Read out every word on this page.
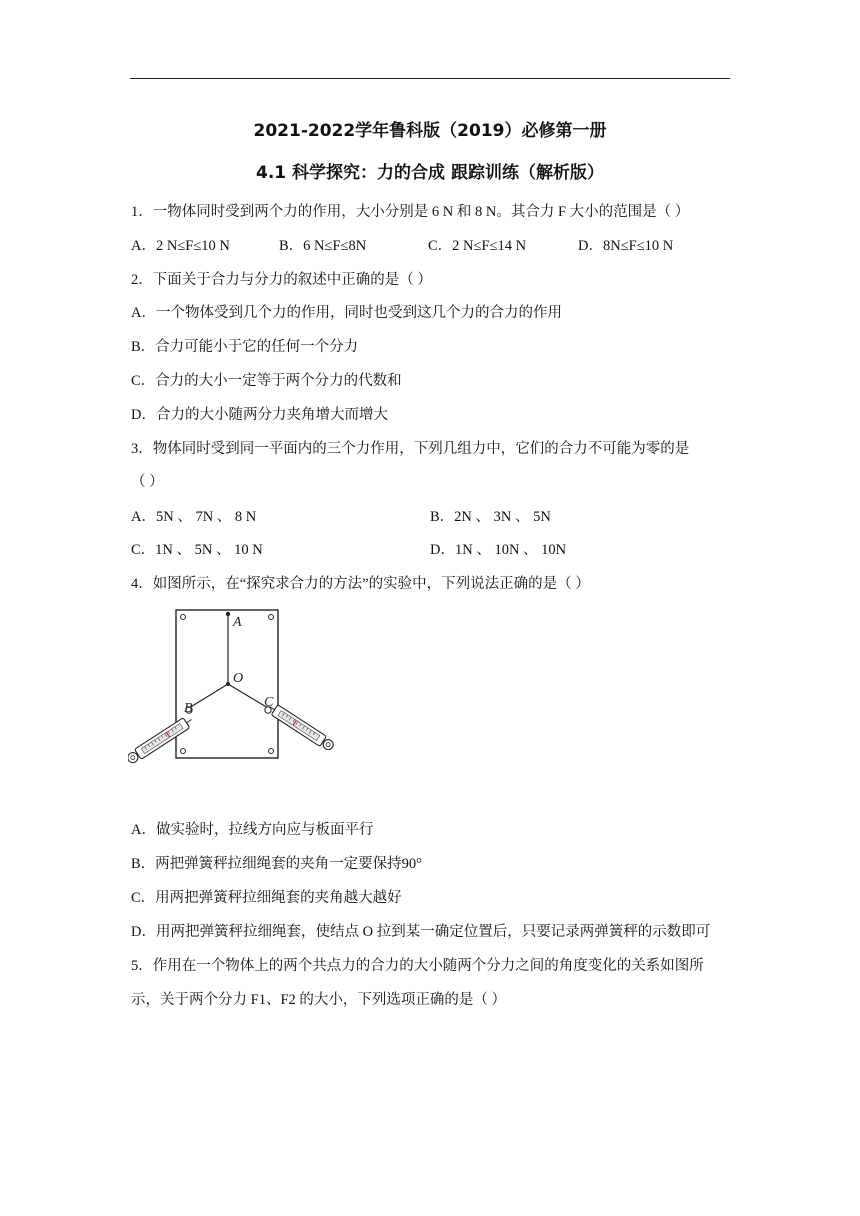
2021-2022学年鲁科版（2019）必修第一册
4.1 科学探究：力的合成 跟踪训练（解析版）
1．一物体同时受到两个力的作用，大小分别是 6 N 和 8 N。其合力 F 大小的范围是（ ）
A．2 N≤F≤10 N	B．6 N≤F≤8N	C．2 N≤F≤14 N	D．8N≤F≤10 N
2．下面关于合力与分力的叙述中正确的是（ ）
A．一个物体受到几个力的作用，同时也受到这几个力的合力的作用
B．合力可能小于它的任何一个分力
C．合力的大小一定等于两个分力的代数和
D．合力的大小随两分力夹角增大而增大
3．物体同时受到同一平面内的三个力作用，下列几组力中，它们的合力不可能为零的是
（ ）
A．5N 、 7N 、 8 N	B．2N 、 3N 、 5N
C．1N 、 5N 、 10 N	D．1N 、 10N 、 10N
4．如图所示，在“探究求合力的方法”的实验中，下列说法正确的是（ ）
A
O
B	C
A．做实验时，拉线方向应与板面平行
B．两把弹簧秤拉细绳套的夹角一定要保持90°
C．用两把弹簧秤拉细绳套的夹角越大越好
D．用两把弹簧秤拉细绳套，使结点 O 拉到某一确定位置后，只要记录两弹簧秤的示数即可
5．作用在一个物体上的两个共点力的合力的大小随两个分力之间的角度变化的关系如图所
示，关于两个分力 F1、F2 的大小，下列选项正确的是（ ）
